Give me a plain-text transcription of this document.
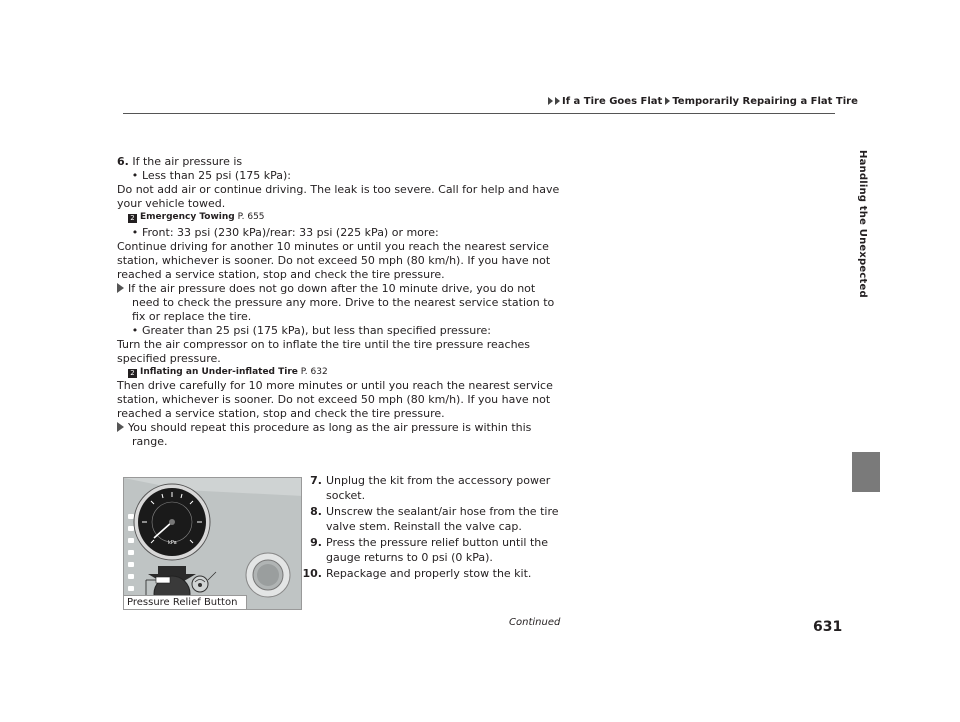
If a Tire Goes Flat Temporarily Repairing a Flat Tire
Handling the Unexpected
6. If the air pressure is
• Less than 25 psi (175 kPa):
Do not add air or continue driving. The leak is too severe. Call for help and have
your vehicle towed.
2 Emergency Towing P. 655
• Front: 33 psi (230 kPa)/rear: 33 psi (225 kPa) or more:
Continue driving for another 10 minutes or until you reach the nearest service
station, whichever is sooner. Do not exceed 50 mph (80 km/h). If you have not
reached a service station, stop and check the tire pressure.
If the air pressure does not go down after the 10 minute drive, you do not
need to check the pressure any more. Drive to the nearest service station to
fix or replace the tire.
• Greater than 25 psi (175 kPa), but less than specified pressure:
Turn the air compressor on to inflate the tire until the tire pressure reaches
specified pressure.
2 Inflating an Under-inflated Tire P. 632
Then drive carefully for 10 more minutes or until you reach the nearest service
station, whichever is sooner. Do not exceed 50 mph (80 km/h). If you have not
reached a service station, stop and check the tire pressure.
You should repeat this procedure as long as the air pressure is within this
range.
7. Unplug the kit from the accessory power
socket.
8. Unscrew the sealant/air hose from the tire
valve stem. Reinstall the valve cap.
9. Press the pressure relief button until the
gauge returns to 0 psi (0 kPa).
10. Repackage and properly stow the kit.
kPa
Pressure Relief Button
Continued	631
